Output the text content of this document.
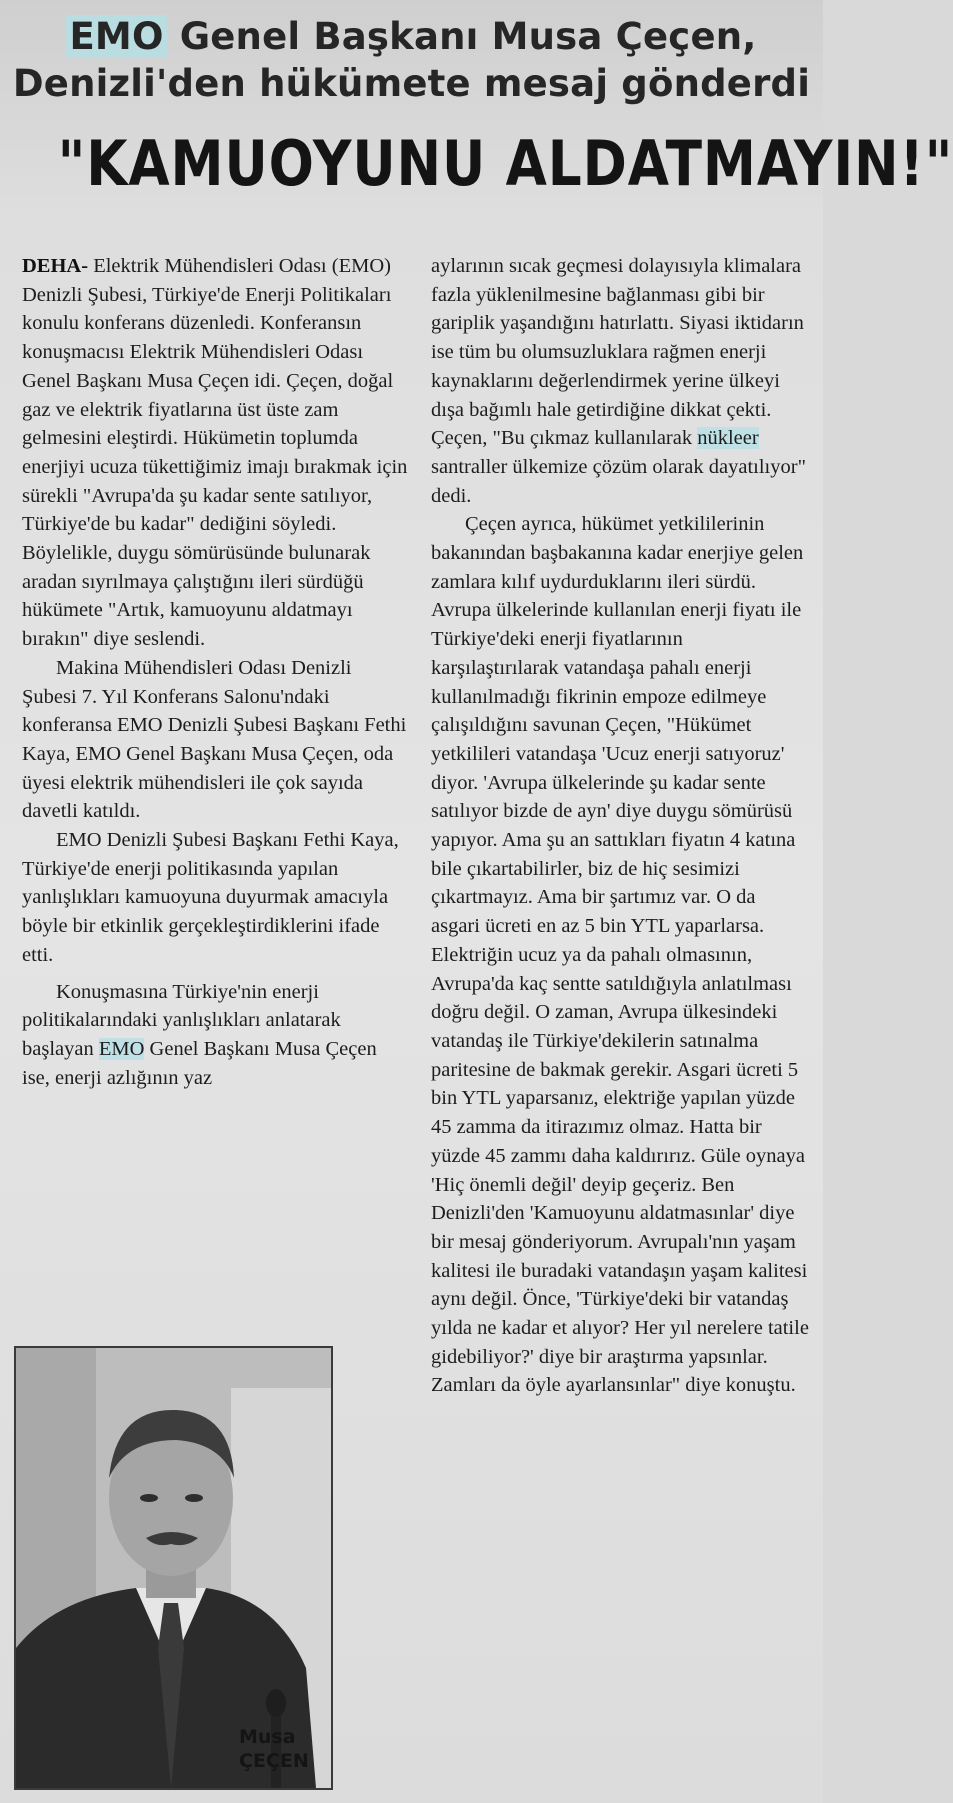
EMO Genel Başkanı Musa Çeçen,
Denizli'den hükümete mesaj gönderdi
"KAMUOYUNU ALDATMAYIN!"

DEHA- Elektrik Mühendisleri Odası (EMO) Denizli Şubesi, Türkiye'de Enerji Politikaları konulu konferans düzenledi. Konferansın konuşmacısı Elektrik Mühendisleri Odası Genel Başkanı Musa Çeçen idi. Çeçen, doğal gaz ve elektrik fiyatlarına üst üste zam gelmesini eleştirdi. Hükümetin toplumda enerjiyi ucuza tükettiğimiz imajı bırakmak için sürekli "Avrupa'da şu kadar sente satılıyor, Türkiye'de bu kadar" dediğini söyledi. Böylelikle, duygu sömürüsünde bulunarak aradan sıyrılmaya çalıştığını ileri sürdüğü hükümete "Artık, kamuoyunu aldatmayı bırakın" diye seslendi.

Makina Mühendisleri Odası Denizli Şubesi 7. Yıl Konferans Salonu'ndaki konferansa EMO Denizli Şubesi Başkanı Fethi Kaya, EMO Genel Başkanı Musa Çeçen, oda üyesi elektrik mühendisleri ile çok sayıda davetli katıldı.

EMO Denizli Şubesi Başkanı Fethi Kaya, Türkiye'de enerji politikasında yapılan yanlışlıkları kamuoyuna duyurmak amacıyla böyle bir etkinlik gerçekleştirdiklerini ifade etti.

Konuşmasına Türkiye'nin enerji politikalarındaki yanlışlıkları anlatarak başlayan EMO Genel Başkanı Musa Çeçen ise, enerji azlığının yaz

aylarının sıcak geçmesi dolayısıyla klimalara fazla yüklenilmesine bağlanması gibi bir gariplik yaşandığını hatırlattı. Siyasi iktidarın ise tüm bu olumsuzluklara rağmen enerji kaynaklarını değerlendirmek yerine ülkeyi dışa bağımlı hale getirdiğine dikkat çekti. Çeçen, "Bu çıkmaz kullanılarak nükleer santraller ülkemize çözüm olarak dayatılıyor" dedi.

Çeçen ayrıca, hükümet yetkililerinin bakanından başbakanına kadar enerjiye gelen zamlara kılıf uydurduklarını ileri sürdü. Avrupa ülkelerinde kullanılan enerji fiyatı ile Türkiye'deki enerji fiyatlarının karşılaştırılarak vatandaşa pahalı enerji kullanılmadığı fikrinin empoze edilmeye çalışıldığını savunan Çeçen, "Hükümet yetkilileri vatandaşa 'Ucuz enerji satıyoruz' diyor. 'Avrupa ülkelerinde şu kadar sente satılıyor bizde de ayn' diye duygu sömürüsü yapıyor. Ama şu an sattıkları fiyatın 4 katına bile çıkartabilirler, biz de hiç sesimizi çıkartmayız. Ama bir şartımız var. O da asgari ücreti en az 5 bin YTL yaparlarsa. Elektriğin ucuz ya da pahalı olmasının, Avrupa'da kaç sentte satıldığıyla anlatılması doğru değil. O zaman, Avrupa ülkesindeki vatandaş ile Türkiye'dekilerin satınalma paritesine de bakmak gerekir. Asgari ücreti 5 bin YTL yaparsanız, elektriğe yapılan yüzde 45 zamma da itirazımız olmaz. Hatta bir yüzde 45 zammı daha kaldırırız. Güle oynaya 'Hiç önemli değil' deyip geçeriz. Ben Denizli'den 'Kamuoyunu aldatmasınlar' diye bir mesaj gönderiyorum. Avrupalı'nın yaşam kalitesi ile buradaki vatandaşın yaşam kalitesi aynı değil. Önce, 'Türkiye'deki bir vatandaş yılda ne kadar et alıyor? Her yıl nerelere tatile gidebiliyor?' diye bir araştırma yapsınlar. Zamları da öyle ayarlansınlar" diye konuştu.

Musa
ÇEÇEN
